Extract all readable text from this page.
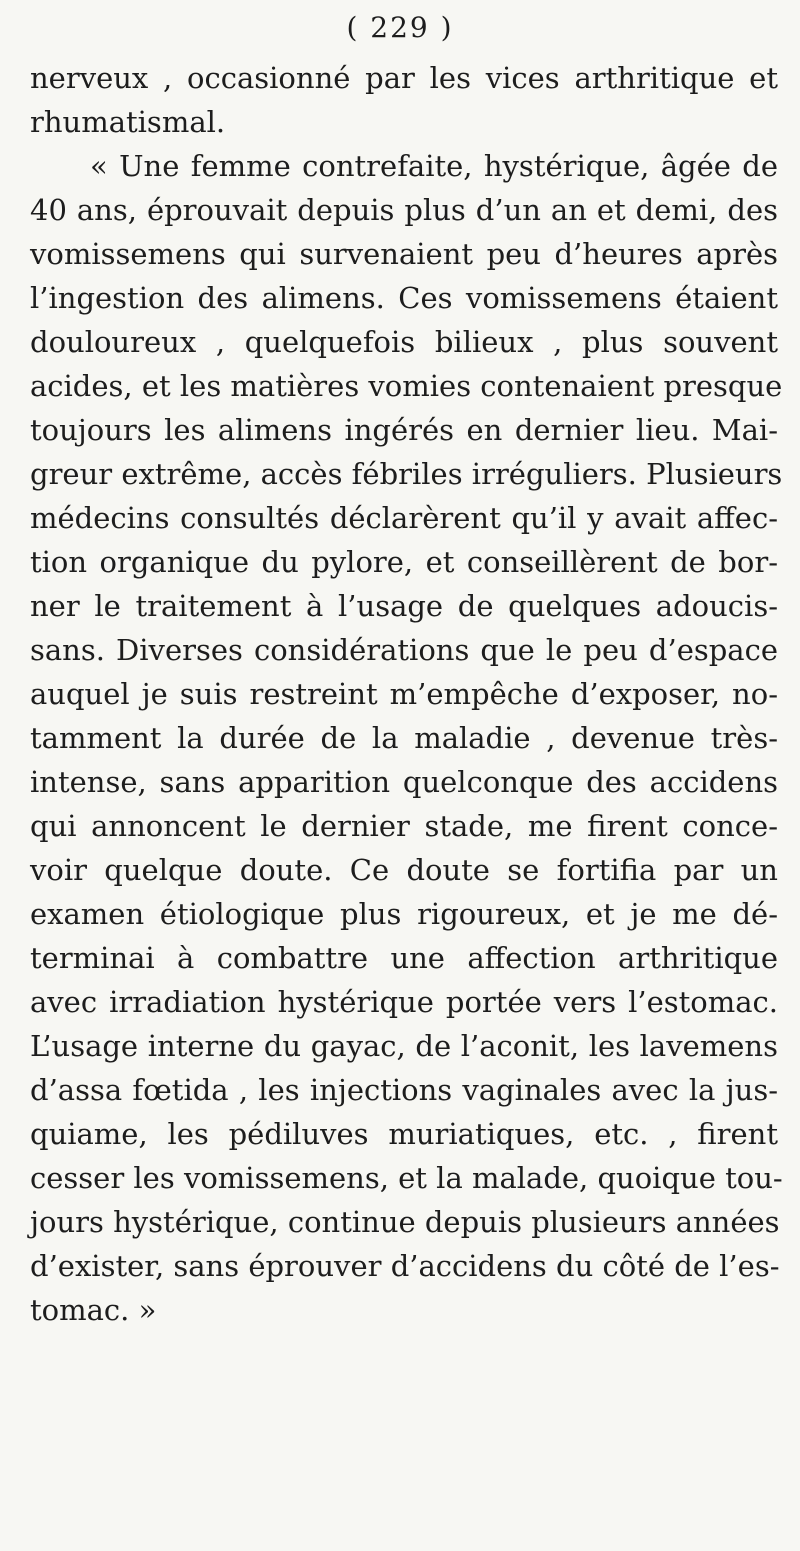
( 229 )
nerveux , occasionné par les vices arthritique et
rhumatismal.
« Une femme contrefaite, hystérique, âgée de
40 ans, éprouvait depuis plus d’un an et demi, des
vomissemens qui survenaient peu d’heures après
l’ingestion des alimens. Ces vomissemens étaient
douloureux , quelquefois bilieux , plus souvent
acides, et les matières vomies contenaient presque
toujours les alimens ingérés en dernier lieu. Mai-
greur extrême, accès fébriles irréguliers. Plusieurs
médecins consultés déclarèrent qu’il y avait affec-
tion organique du pylore, et conseillèrent de bor-
ner le traitement à l’usage de quelques adoucis-
sans. Diverses considérations que le peu d’espace
auquel je suis restreint m’empêche d’exposer, no-
tamment la durée de la maladie , devenue très-
intense, sans apparition quelconque des accidens
qui annoncent le dernier stade, me firent conce-
voir quelque doute. Ce doute se fortifia par un
examen étiologique plus rigoureux, et je me dé-
terminai à combattre une affection arthritique
avec irradiation hystérique portée vers l’estomac.
L’usage interne du gayac, de l’aconit, les lavemens
d’assa fœtida , les injections vaginales avec la jus-
quiame, les pédiluves muriatiques, etc. , firent
cesser les vomissemens, et la malade, quoique tou-
jours hystérique, continue depuis plusieurs années
d’exister, sans éprouver d’accidens du côté de l’es-
tomac. »
